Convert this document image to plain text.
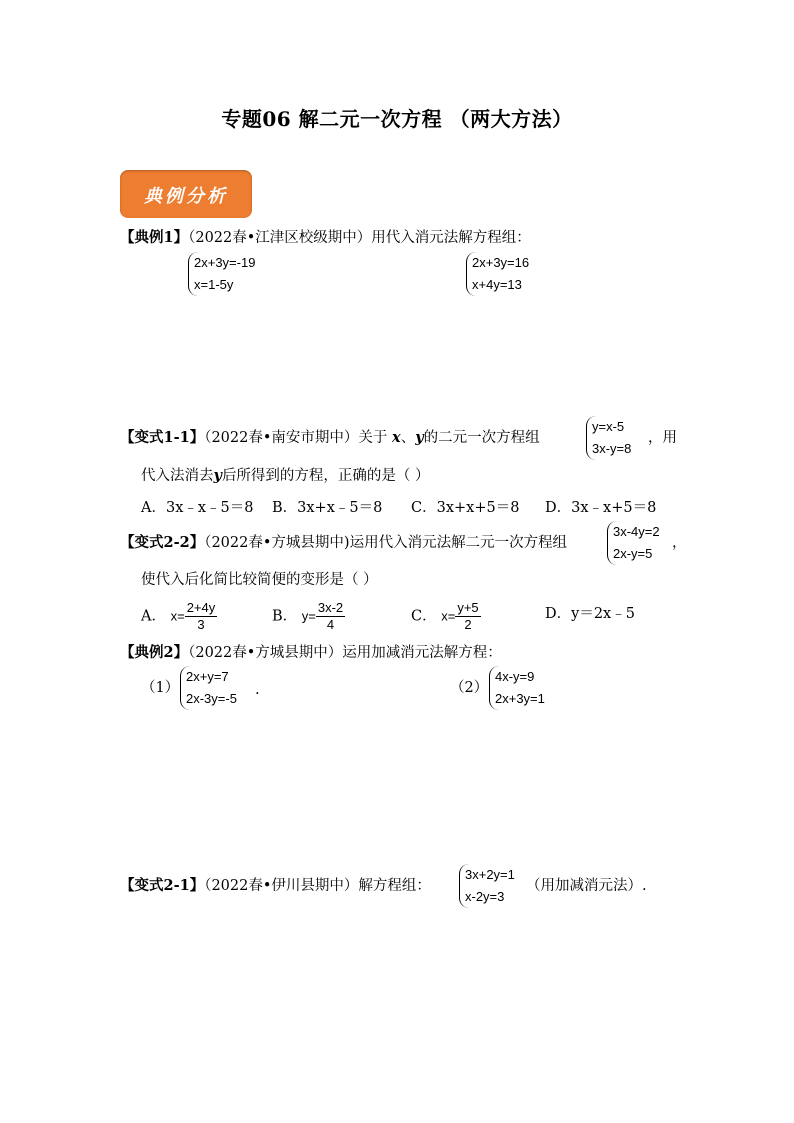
专题06 解二元一次方程 （两大方法）
典例分析
【典例1】（2022春•江津区校级期中）用代入消元法解方程组：
2x+3y=-19
x=1-5y
2x+3y=16
x+4y=13
【变式1-1】（2022春•南安市期中）关于 x、y的二元一次方程组
y=x-5
3x-y=8
，用
代入法消去y后所得到的方程，正确的是（ ）
A．3x﹣x﹣5＝8 B．3x+x﹣5＝8 C．3x+x+5＝8 D．3x﹣x+5＝8
【变式2-2】（2022春•方城县期中)运用代入消元法解二元一次方程组
3x-4y=2
2x-y=5
，
使代入后化简比较简便的变形是（ ）
A． $x= \frac{2+4y}{3}$	B． $y= \frac{3x-2}{4}$	C． $x= \frac{y+5}{2}$	D．y＝2x﹣5
【典例2】（2022春•方城县期中）运用加减消元法解方程：
（1）
2x+y=7
2x-3y=-5
.	（2）
4x-y=9
2x+3y=1
【变式2-1】（2022春•伊川县期中）解方程组：
3x+2y=1
x-2y=3
（用加减消元法）.
